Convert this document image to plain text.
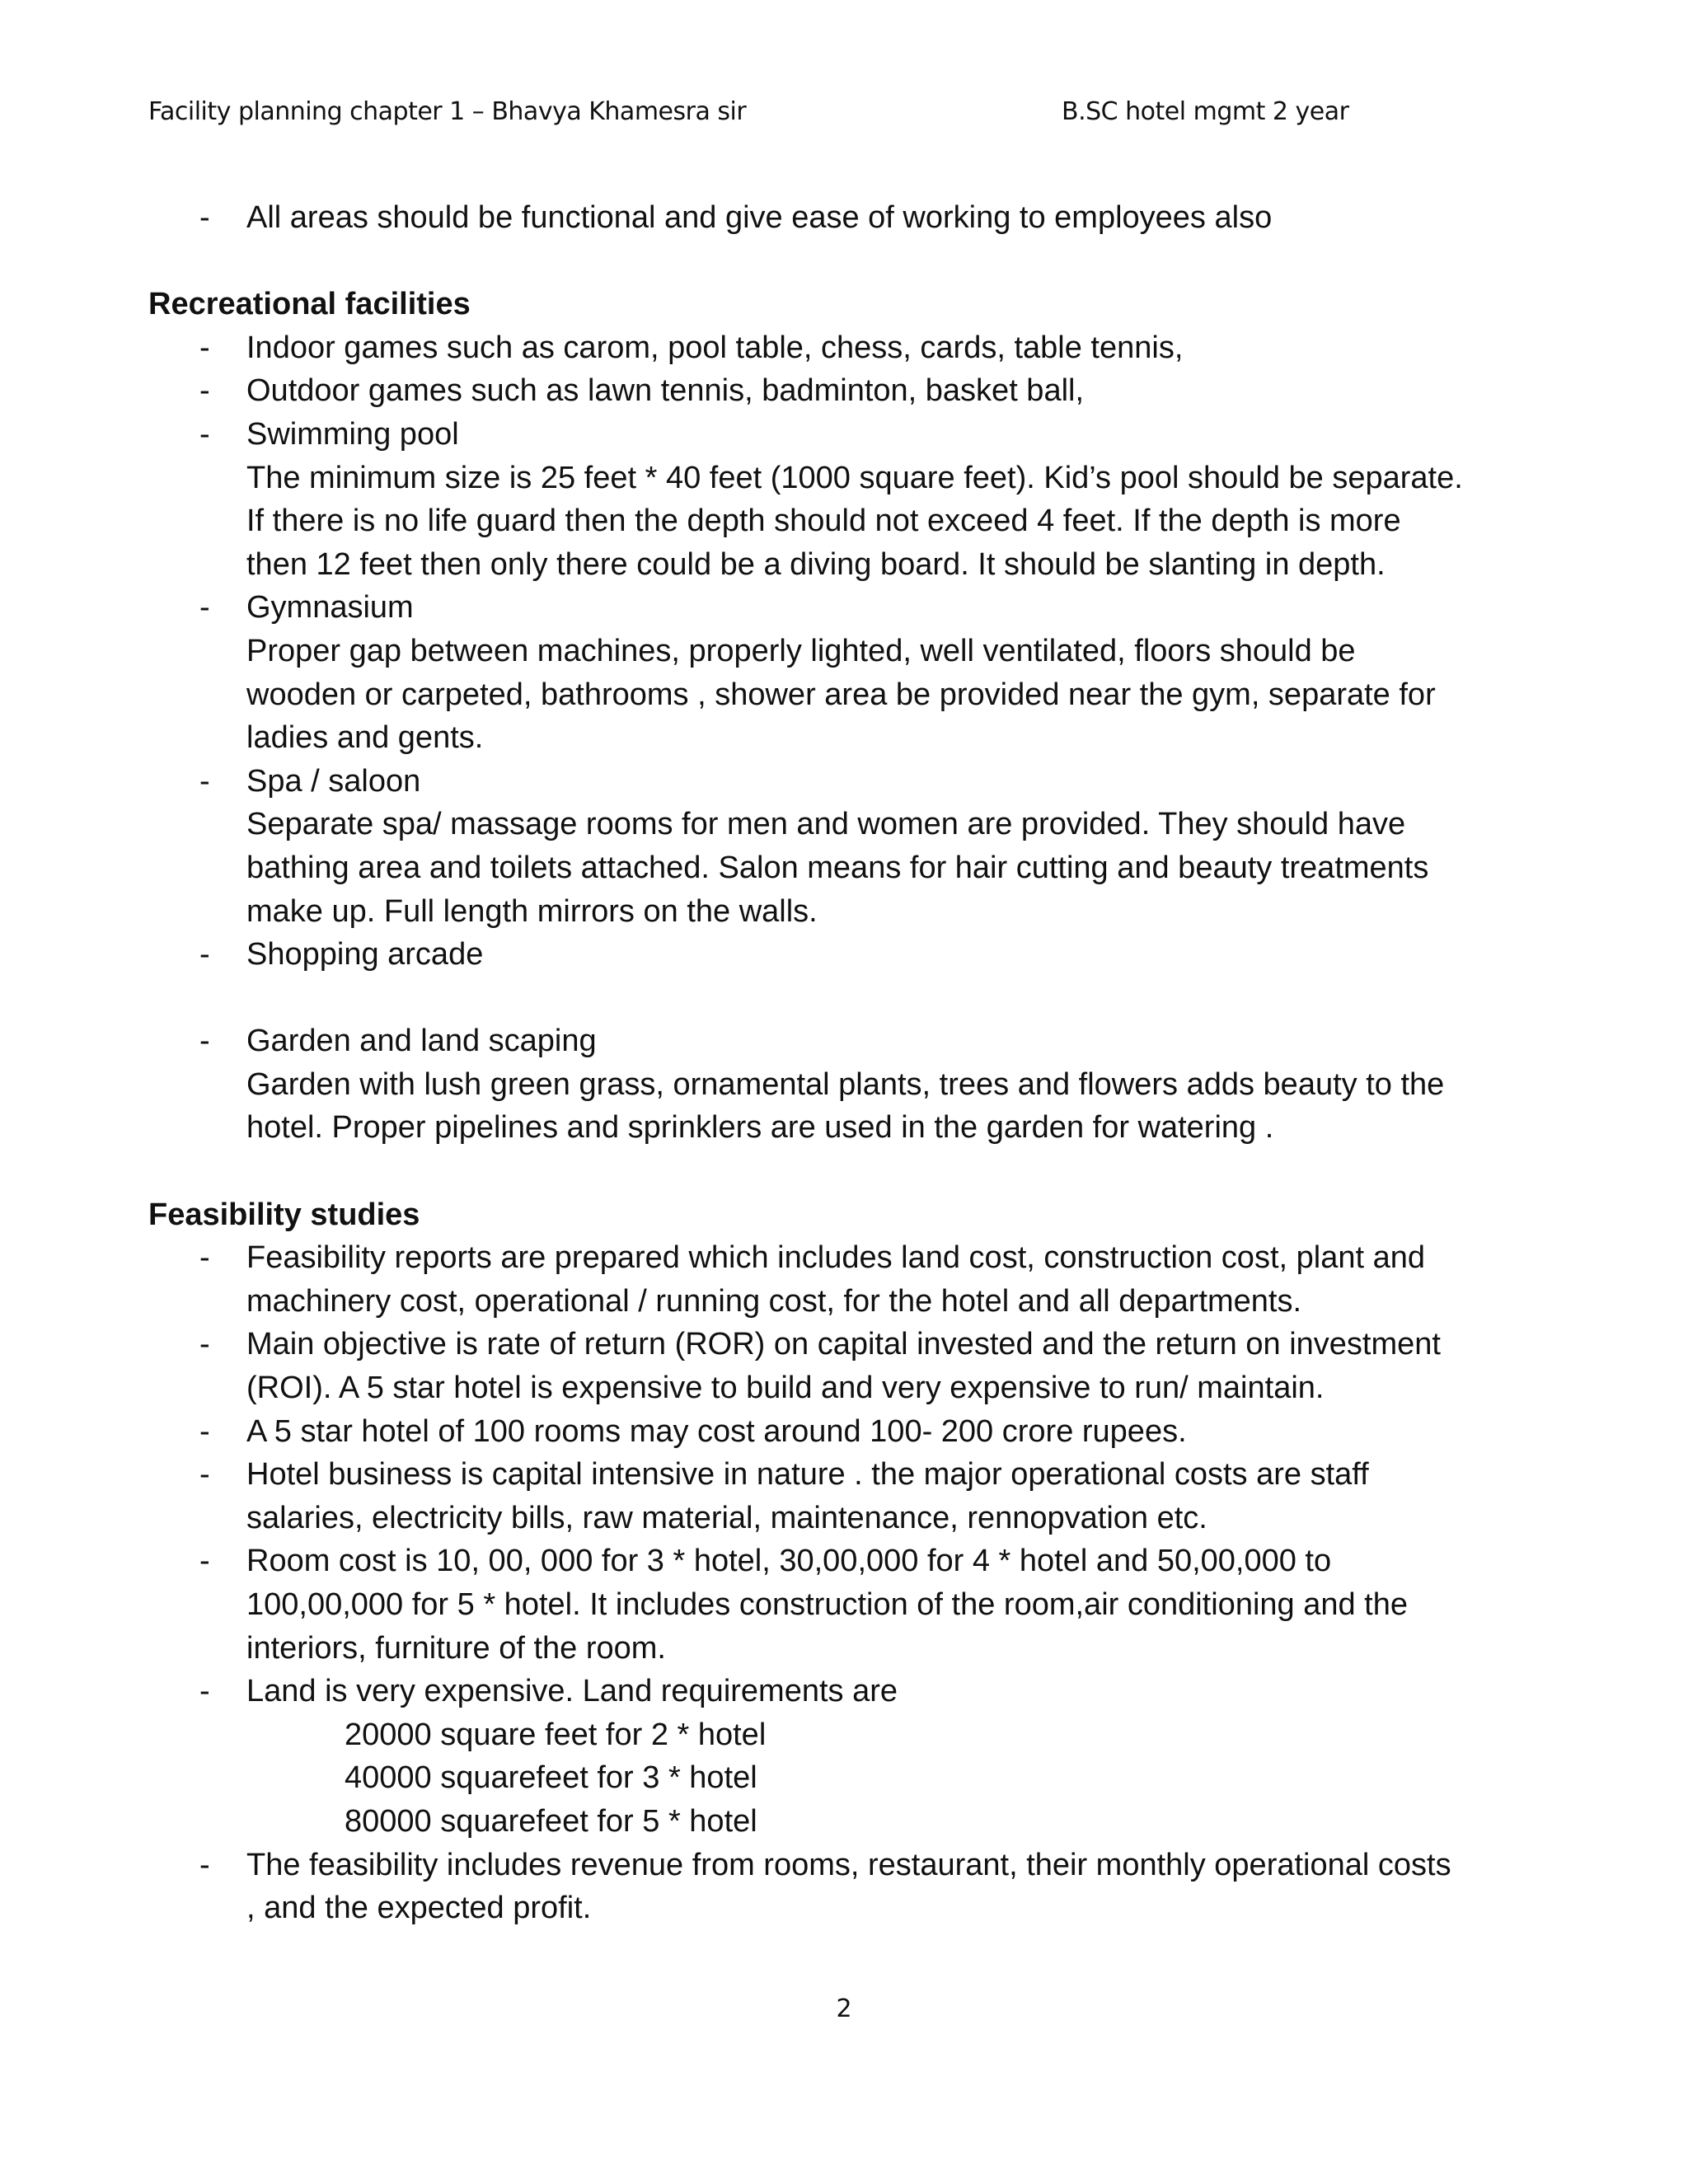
Facility planning chapter 1 – Bhavya Khamesra sir	B.SC hotel mgmt 2 year
- All areas should be functional and give ease of working to employees also
Recreational facilities
- Indoor games such as carom, pool table, chess, cards, table tennis,
- Outdoor games such as lawn tennis, badminton, basket ball,
- Swimming pool
The minimum size is 25 feet * 40 feet (1000 square feet). Kid’s pool should be separate.
If there is no life guard then the depth should not exceed 4 feet. If the depth is more
then 12 feet then only there could be a diving board. It should be slanting in depth.
- Gymnasium
Proper gap between machines, properly lighted, well ventilated, floors should be
wooden or carpeted, bathrooms , shower area be provided near the gym, separate for
ladies and gents.
- Spa / saloon
Separate spa/ massage rooms for men and women are provided. They should have
bathing area and toilets attached. Salon means for hair cutting and beauty treatments
make up. Full length mirrors on the walls.
- Shopping arcade
- Garden and land scaping
Garden with lush green grass, ornamental plants, trees and flowers adds beauty to the
hotel. Proper pipelines and sprinklers are used in the garden for watering .
Feasibility studies
- Feasibility reports are prepared which includes land cost, construction cost, plant and
machinery cost, operational / running cost, for the hotel and all departments.
- Main objective is rate of return (ROR) on capital invested and the return on investment
(ROI). A 5 star hotel is expensive to build and very expensive to run/ maintain.
- A 5 star hotel of 100 rooms may cost around 100- 200 crore rupees.
- Hotel business is capital intensive in nature . the major operational costs are staff
salaries, electricity bills, raw material, maintenance, rennopvation etc.
- Room cost is 10, 00, 000 for 3 * hotel, 30,00,000 for 4 * hotel and 50,00,000 to
100,00,000 for 5 * hotel. It includes construction of the room,air conditioning and the
interiors, furniture of the room.
- Land is very expensive. Land requirements are
20000 square feet for 2 * hotel
40000 squarefeet for 3 * hotel
80000 squarefeet for 5 * hotel
- The feasibility includes revenue from rooms, restaurant, their monthly operational costs
, and the expected profit.
2
